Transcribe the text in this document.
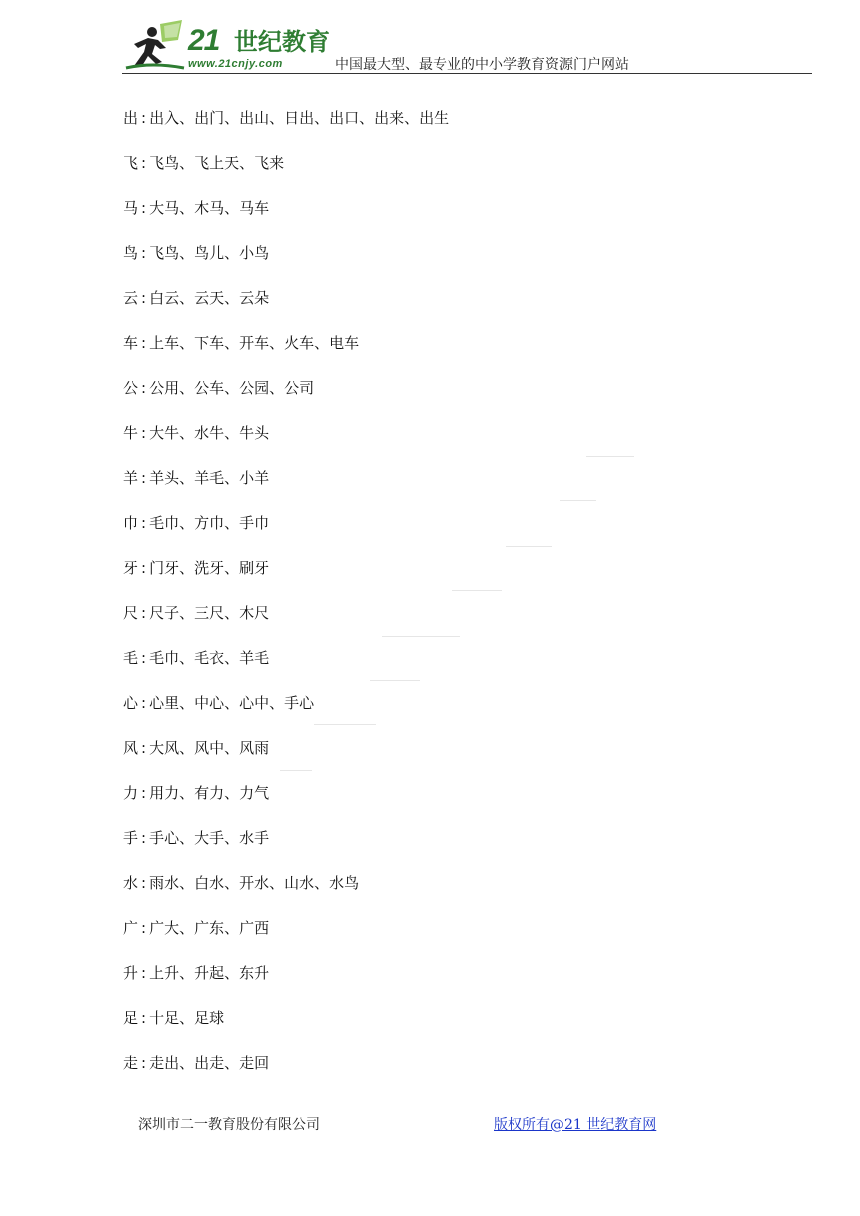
21 世纪教育
www.21cnjy.com	中国最大型、最专业的中小学教育资源门户网站
出 : 出入、出门、出山、日出、出口、出来、出生
飞 : 飞鸟、飞上天、飞来
马 : 大马、木马、马车
鸟 : 飞鸟、鸟儿、小鸟
云 : 白云、云天、云朵
车 : 上车、下车、开车、火车、电车
公 : 公用、公车、公园、公司
牛 : 大牛、水牛、牛头
羊 : 羊头、羊毛、小羊
巾 : 毛巾、方巾、手巾
牙 : 门牙、洗牙、刷牙
尺 : 尺子、三尺、木尺
毛 : 毛巾、毛衣、羊毛
心 : 心里、中心、心中、手心
风 : 大风、风中、风雨
力 : 用力、有力、力气
手 : 手心、大手、水手
水 : 雨水、白水、开水、山水、水鸟
广 : 广大、广东、广西
升 : 上升、升起、东升
足 : 十足、足球
走 : 走出、出走、走回
深圳市二一教育股份有限公司	版权所有@21 世纪教育网
